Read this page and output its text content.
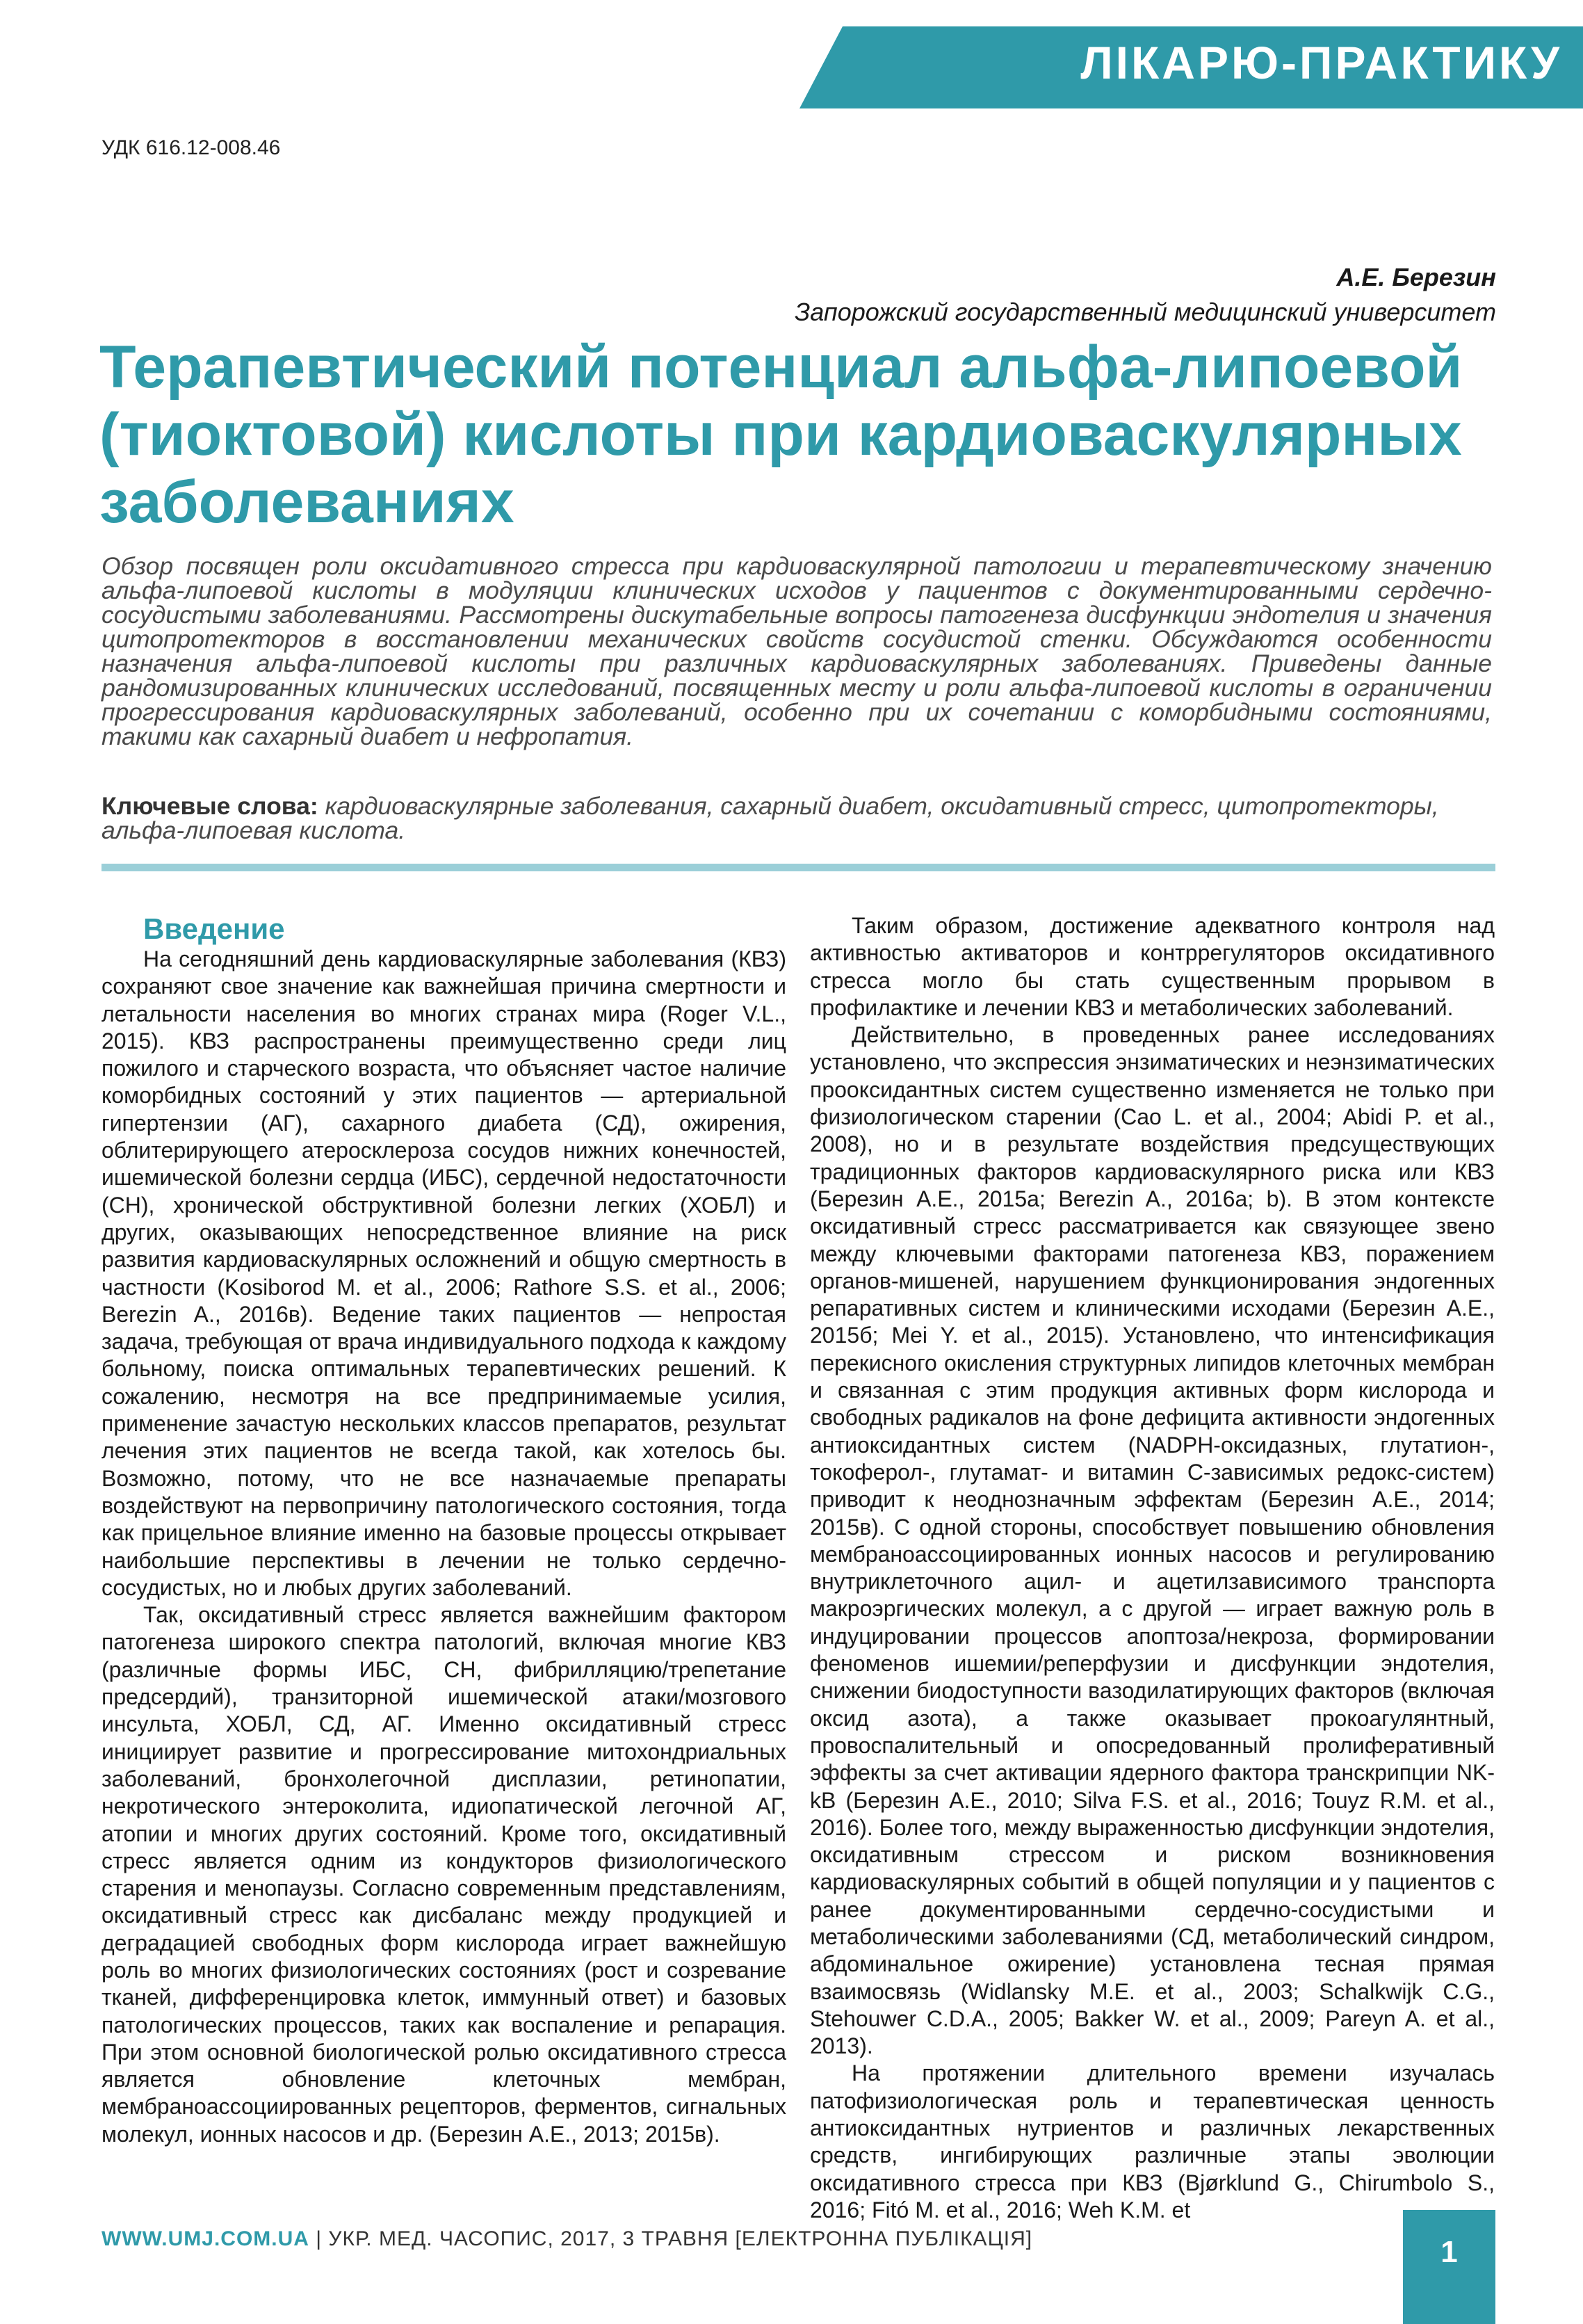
ЛІКАРЮ-ПРАКТИКУ
УДК 616.12-008.46
А.Е. Березин
Запорожский государственный медицинский университет
Терапевтический потенциал альфа-липоевой (тиоктовой) кислоты при кардиоваскулярных заболеваниях

Обзор посвящен роли оксидативного стресса при кардиоваскулярной патологии и терапевтическому значению альфа-липоевой кислоты в модуляции клинических исходов у пациентов с документированными сердечно-сосудистыми заболеваниями. Рассмотрены дискутабельные вопросы патогенеза дисфункции эндотелия и значения цитопротекторов в восстановлении механических свойств сосудистой стенки. Обсуждаются особенности назначения альфа-липоевой кислоты при различных кардиоваскулярных заболеваниях. Приведены данные рандомизированных клинических исследований, посвященных месту и роли альфа-липоевой кислоты в ограничении прогрессирования кардиоваскулярных заболеваний, особенно при их сочетании с коморбидными состояниями, такими как сахарный диабет и нефропатия.

Ключевые слова: кардиоваскулярные заболевания, сахарный диабет, оксидативный стресс, цитопротекторы, альфа-липоевая кислота.

Введение

На сегодняшний день кардиоваскулярные заболевания (КВЗ) сохраняют свое значение как важнейшая причина смертности и летальности населения во многих странах мира (Roger V.L., 2015). КВЗ распространены преимущественно среди лиц пожилого и старческого возраста, что объясняет частое наличие коморбидных состояний у этих пациентов — артериальной гипертензии (АГ), сахарного диабета (СД), ожирения, облитерирующего атеросклероза сосудов нижних конечностей, ишемической болезни сердца (ИБС), сердечной недостаточности (СН), хронической обструктивной болезни легких (ХОБЛ) и других, оказывающих непосредственное влияние на риск развития кардиоваскулярных осложнений и общую смертность в частности (Kosiborod M. et al., 2006; Rathore S.S. et al., 2006; Berezin A., 2016в). Ведение таких пациентов — непростая задача, требующая от врача индивидуального подхода к каждому больному, поиска оптимальных терапевтических решений. К сожалению, несмотря на все предпринимаемые усилия, применение зачастую нескольких классов препаратов, результат лечения этих пациентов не всегда такой, как хотелось бы. Возможно, потому, что не все назначаемые препараты воздействуют на первопричину патологического состояния, тогда как прицельное влияние именно на базовые процессы открывает наибольшие перспективы в лечении не только сердечно-сосудистых, но и любых других заболеваний.

Так, оксидативный стресс является важнейшим фактором патогенеза широкого спектра патологий, включая многие КВЗ (различные формы ИБС, СН, фибрилляцию/трепетание предсердий), транзиторной ишемической атаки/мозгового инсульта, ХОБЛ, СД, АГ. Именно оксидативный стресс инициирует развитие и прогрессирование митохондриальных заболеваний, бронхолегочной дисплазии, ретинопатии, некротического энтероколита, идиопатической легочной АГ, атопии и многих других состояний. Кроме того, оксидативный стресс является одним из кондукторов физиологического старения и менопаузы. Согласно современным представлениям, оксидативный стресс как дисбаланс между продукцией и деградацией свободных форм кислорода играет важнейшую роль во многих физиологических состояниях (рост и созревание тканей, дифференцировка клеток, иммунный ответ) и базовых патологических процессов, таких как воспаление и репарация. При этом основной биологической ролью оксидативного стресса является обновление клеточных мембран, мембраноассоциированных рецепторов, ферментов, сигнальных молекул, ионных насосов и др. (Березин А.Е., 2013; 2015в).

Таким образом, достижение адекватного контроля над активностью активаторов и контррегуляторов оксидативного стресса могло бы стать существенным прорывом в профилактике и лечении КВЗ и метаболических заболеваний.

Действительно, в проведенных ранее исследованиях установлено, что экспрессия энзиматических и неэнзиматических прооксидантных систем существенно изменяется не только при физиологическом старении (Cao L. et al., 2004; Abidi P. et al., 2008), но и в результате воздействия предсуществующих традиционных факторов кардиоваскулярного риска или КВЗ (Березин А.Е., 2015а; Berezin A., 2016а; b). В этом контексте оксидативный стресс рассматривается как связующее звено между ключевыми факторами патогенеза КВЗ, поражением органов-мишеней, нарушением функционирования эндогенных репаративных систем и клиническими исходами (Березин А.Е., 2015б; Mei Y. et al., 2015). Установлено, что интенсификация перекисного окисления структурных липидов клеточных мембран и связанная с этим продукция активных форм кислорода и свободных радикалов на фоне дефицита активности эндогенных антиоксидантных систем (NADPH-оксидазных, глутатион-, токоферол-, глутамат- и витамин С-зависимых редокс-систем) приводит к неоднозначным эффектам (Березин А.Е., 2014; 2015в). С одной стороны, способствует повышению обновления мембраноассоциированных ионных насосов и регулированию внутриклеточного ацил- и ацетилзависимого транспорта макроэргических молекул, а с другой — играет важную роль в индуцировании процессов апоптоза/некроза, формировании феноменов ишемии/реперфузии и дисфункции эндотелия, снижении биодоступности вазодилатирующих факторов (включая оксид азота), а также оказывает прокоагулянтный, провоспалительный и опосредованный пролиферативный эффекты за счет активации ядерного фактора транскрипции NK-kB (Березин А.Е., 2010; Silva F.S. et al., 2016; Touyz R.M. et al., 2016). Более того, между выраженностью дисфункции эндотелия, оксидативным стрессом и риском возникновения кардиоваскулярных событий в общей популяции и у пациентов с ранее документированными сердечно-сосудистыми и метаболическими заболеваниями (СД, метаболический синдром, абдоминальное ожирение) установлена тесная прямая взаимосвязь (Widlansky M.E. et al., 2003; Schalkwijk C.G., Stehouwer C.D.A., 2005; Bakker W. et al., 2009; Pareyn A. et al., 2013).

На протяжении длительного времени изучалась патофизиологическая роль и терапевтическая ценность антиоксидантных нутриентов и различных лекарственных средств, ингибирующих различные этапы эволюции оксидативного стресса при КВЗ (Bjørklund G., Chirumbolo S., 2016; Fitó M. et al., 2016; Weh K.M. et

WWW.UMJ.COM.UA | УКР. МЕД. ЧАСОПИС, 2017, 3 ТРАВНЯ [ЕЛЕКТРОННА ПУБЛІКАЦІЯ]	1
